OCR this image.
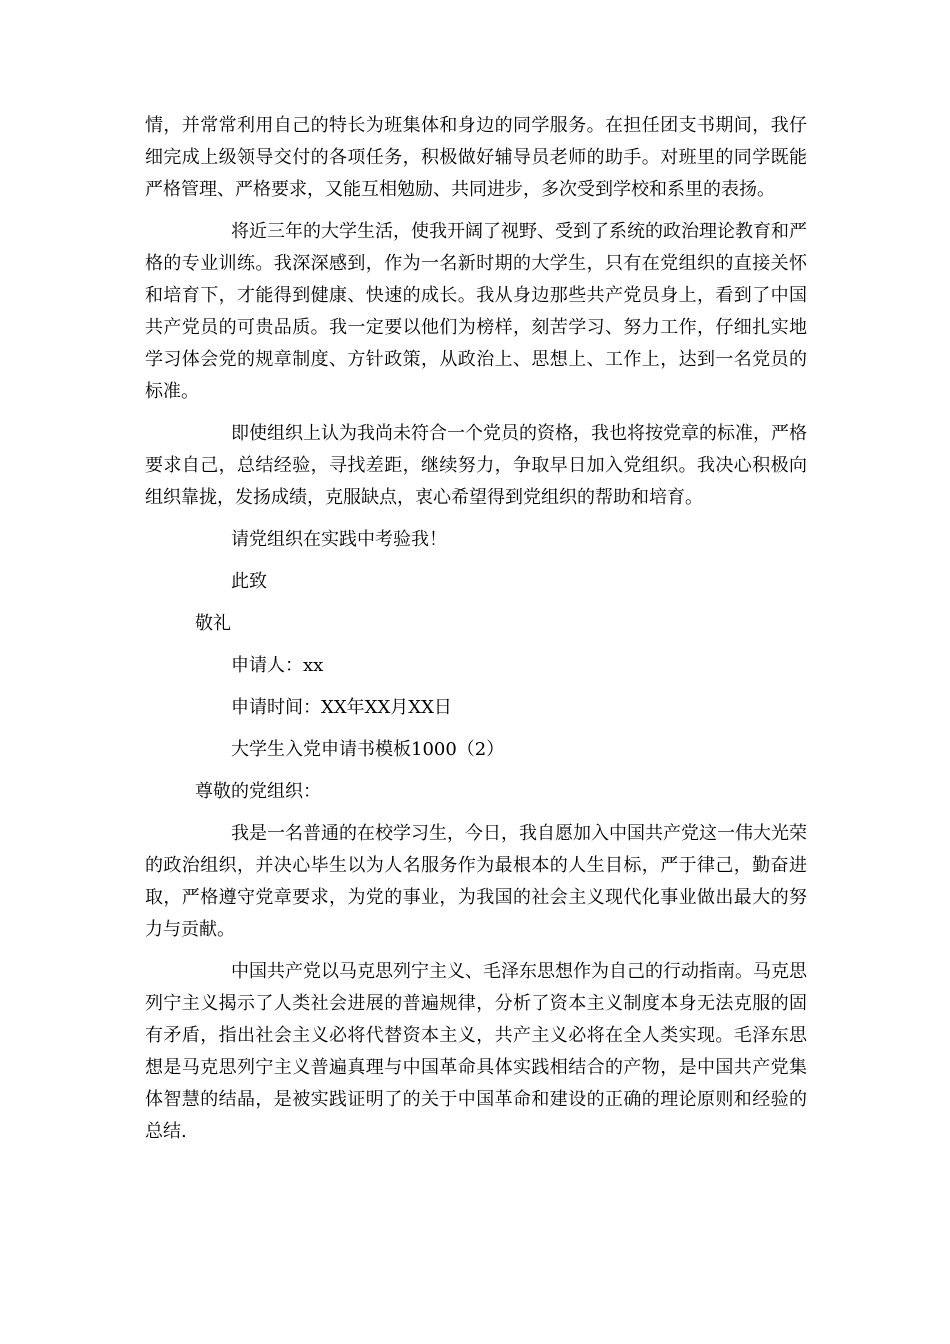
情，并常常利用自己的特长为班集体和身边的同学服务。在担任团支书期间，我仔细完成上级领导交付的各项任务，积极做好辅导员老师的助手。对班里的同学既能严格管理、严格要求，又能互相勉励、共同进步，多次受到学校和系里的表扬。

将近三年的大学生活，使我开阔了视野、受到了系统的政治理论教育和严格的专业训练。我深深感到，作为一名新时期的大学生，只有在党组织的直接关怀和培育下，才能得到健康、快速的成长。我从身边那些共产党员身上，看到了中国共产党员的可贵品质。我一定要以他们为榜样，刻苦学习、努力工作，仔细扎实地学习体会党的规章制度、方针政策，从政治上、思想上、工作上，达到一名党员的标准。

即使组织上认为我尚未符合一个党员的资格，我也将按党章的标准，严格要求自己，总结经验，寻找差距，继续努力，争取早日加入党组织。我决心积极向组织靠拢，发扬成绩，克服缺点，衷心希望得到党组织的帮助和培育。

请党组织在实践中考验我！
此致
敬礼
申请人：xx
申请时间：XX年XX月XX日
大学生入党申请书模板1000（2）
尊敬的党组织：

我是一名普通的在校学习生，今日，我自愿加入中国共产党这一伟大光荣的政治组织，并决心毕生以为人名服务作为最根本的人生目标，严于律己，勤奋进取，严格遵守党章要求，为党的事业，为我国的社会主义现代化事业做出最大的努力与贡献。

中国共产党以马克思列宁主义、毛泽东思想作为自己的行动指南。马克思列宁主义揭示了人类社会进展的普遍规律，分析了资本主义制度本身无法克服的固有矛盾，指出社会主义必将代替资本主义，共产主义必将在全人类实现。毛泽东思想是马克思列宁主义普遍真理与中国革命具体实践相结合的产物，是中国共产党集体智慧的结晶，是被实践证明了的关于中国革命和建设的正确的理论原则和经验的总结.
